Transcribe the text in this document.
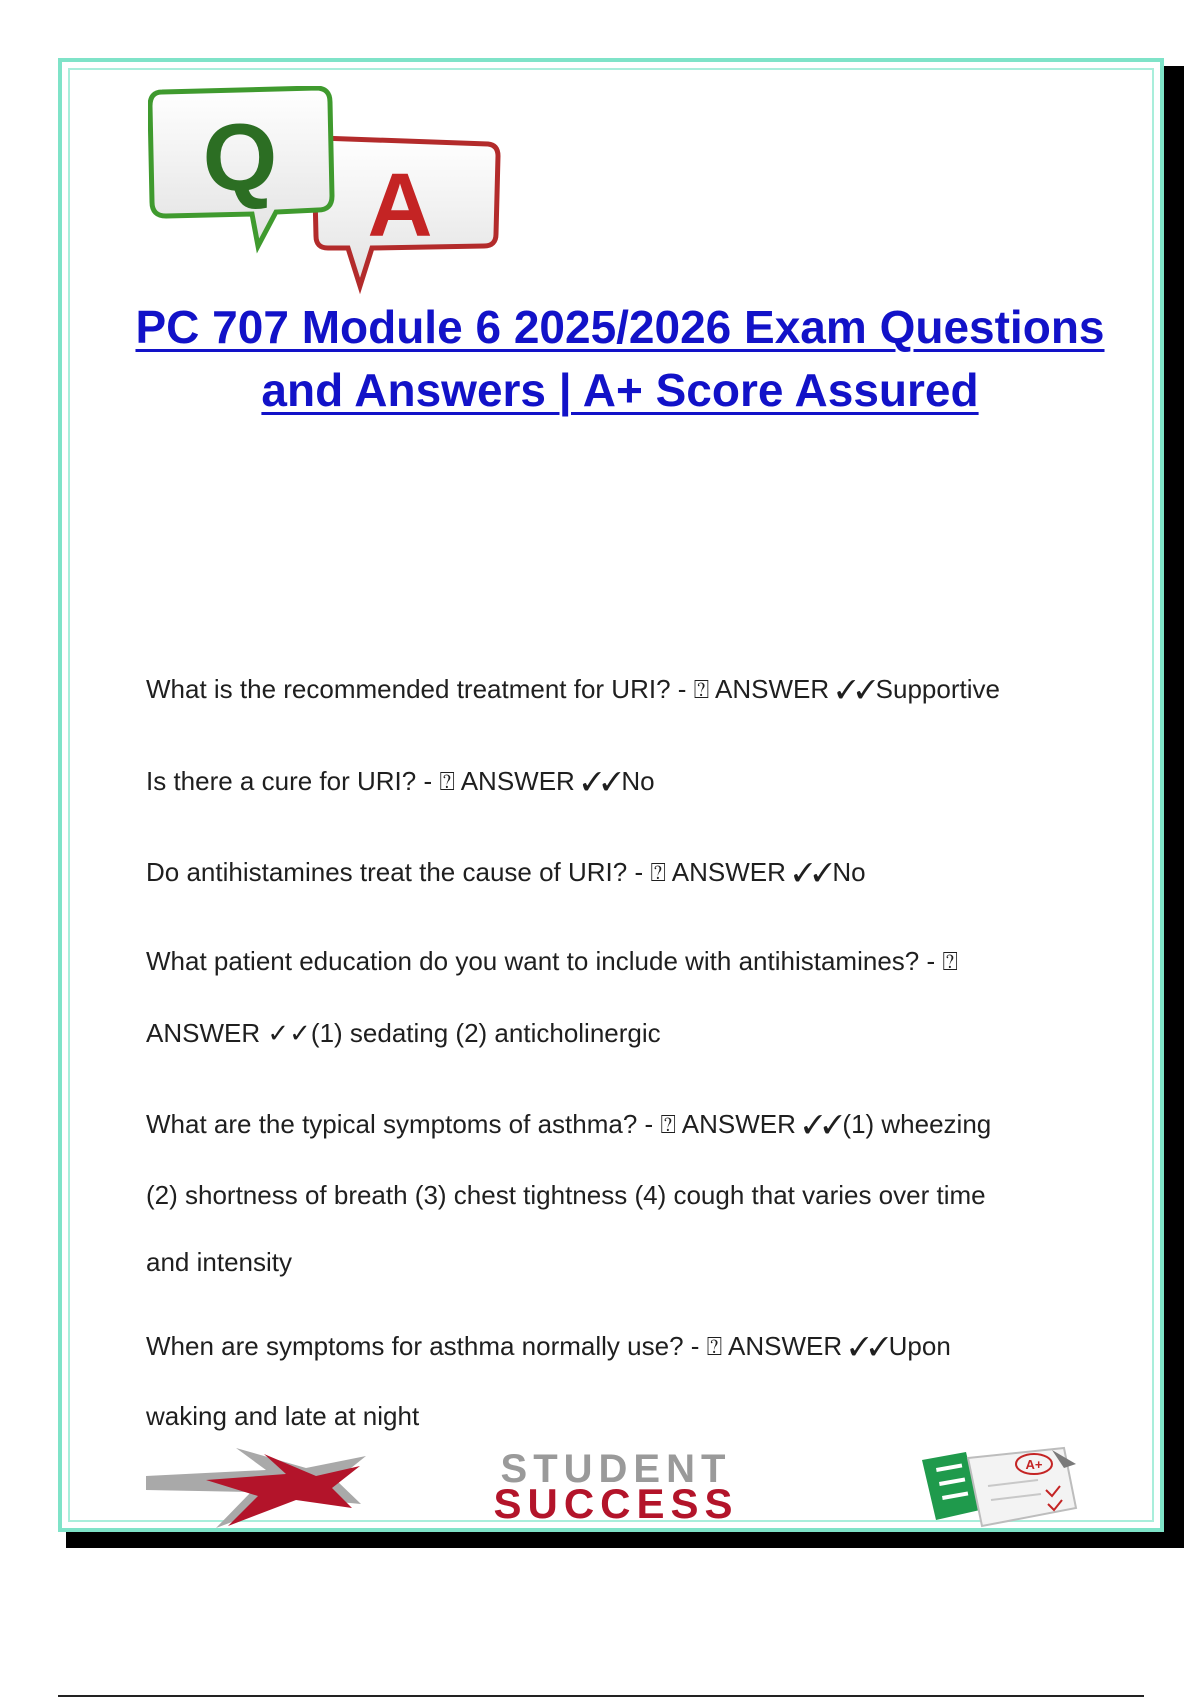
A
Q
PC 707 Module 6 2025/2026 Exam Questions and Answers | A+ Score Assured
What is the recommended treatment for URI? - ⍰ ANSWER ✓✓Supportive
Is there a cure for URI? - ⍰ ANSWER ✓✓No
Do antihistamines treat the cause of URI? - ⍰ ANSWER ✓✓No
What patient education do you want to include with antihistamines? - ⍰
ANSWER ✓✓(1) sedating (2) anticholinergic
What are the typical symptoms of asthma? - ⍰ ANSWER ✓✓(1) wheezing
(2) shortness of breath (3) chest tightness (4) cough that varies over time
and intensity
When are symptoms for asthma normally use? - ⍰ ANSWER ✓✓Upon
waking and late at night
STUDENT
SUCCESS
A+
